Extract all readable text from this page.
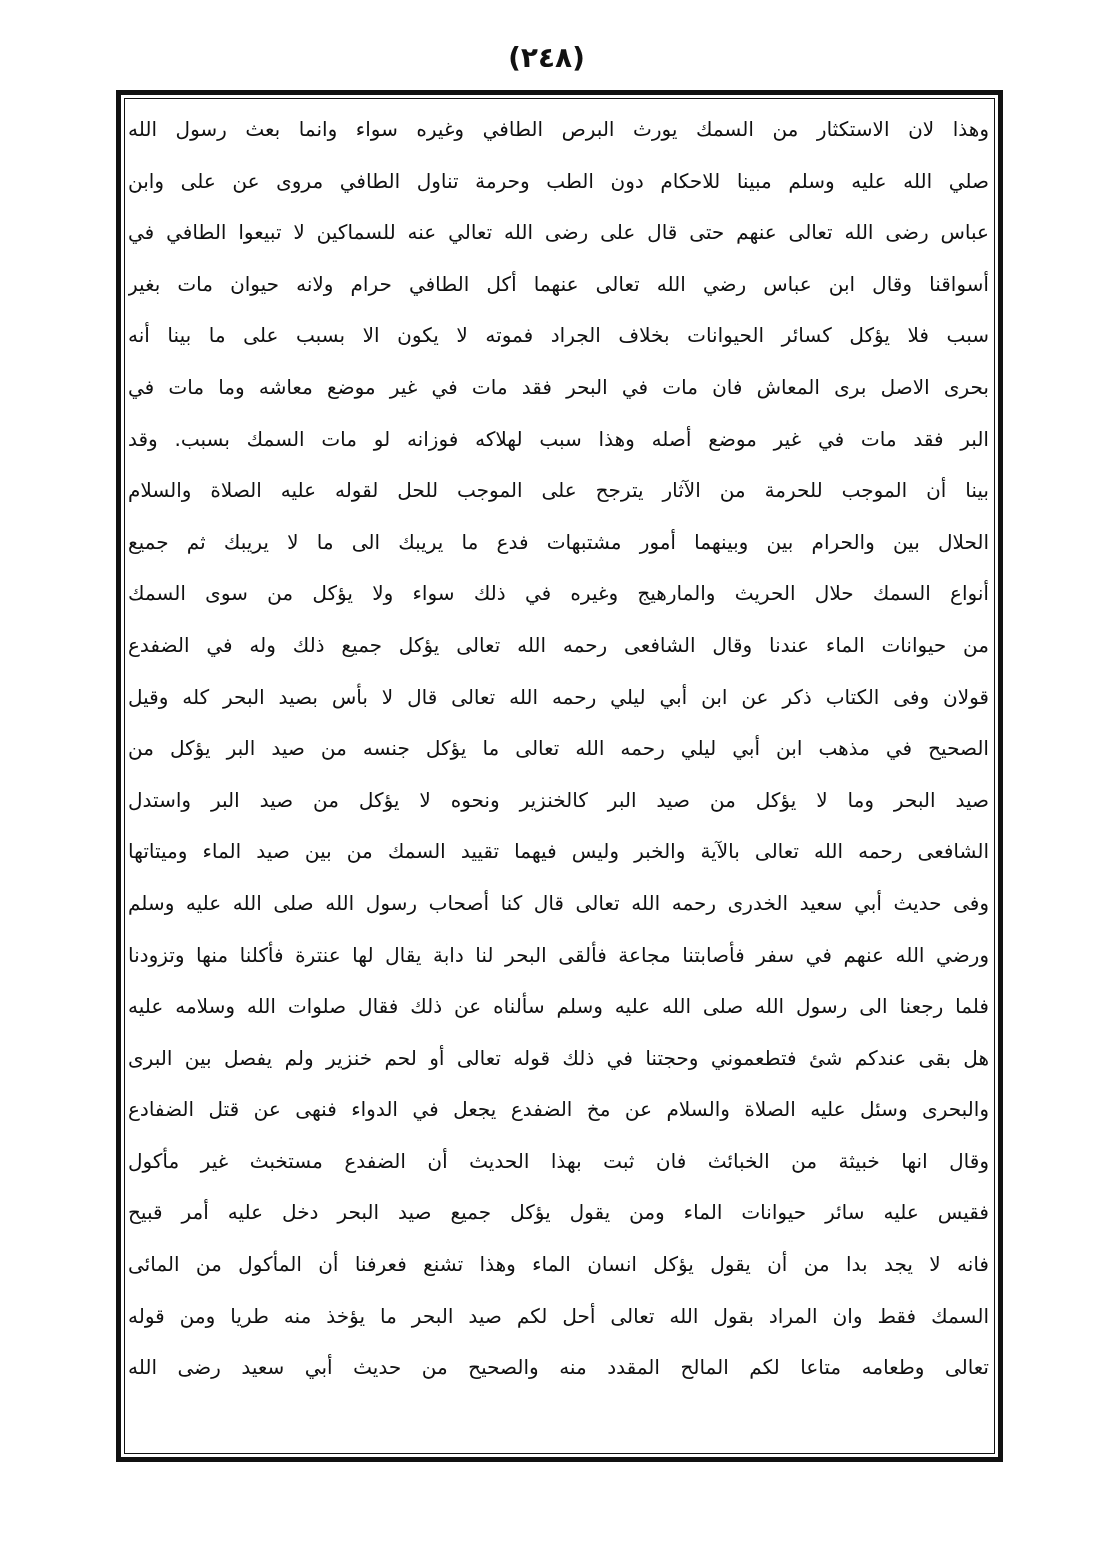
(٢٤٨)
وهذا لان الاستكثار من السمك يورث البرص الطافي وغيره سواء وانما بعث رسول الله
صلي الله عليه وسلم مبينا للاحكام دون الطب وحرمة تناول الطافي مروى عن على وابن
عباس رضى الله تعالى عنهم حتى قال على رضى الله تعالي عنه للسماكين لا تبيعوا الطافي في
أسواقنا وقال ابن عباس رضي الله تعالى عنهما أكل الطافي حرام ولانه حيوان مات بغير
سبب فلا يؤكل كسائر الحيوانات بخلاف الجراد فموته لا يكون الا بسبب على ما بينا أنه
بحرى الاصل برى المعاش فان مات في البحر فقد مات في غير موضع معاشه وما مات في
البر فقد مات في غير موضع أصله وهذا سبب لهلاكه فوزانه لو مات السمك بسبب. وقد
بينا أن الموجب للحرمة من الآثار يترجح على الموجب للحل لقوله عليه الصلاة والسلام
الحلال بين والحرام بين وبينهما أمور مشتبهات فدع ما يريبك الى ما لا يريبك ثم جميع
أنواع السمك حلال الحريث والمارهيج وغيره في ذلك سواء ولا يؤكل من سوى السمك
من حيوانات الماء عندنا وقال الشافعى رحمه الله تعالى يؤكل جميع ذلك وله في الضفدع
قولان وفى الكتاب ذكر عن ابن أبي ليلي رحمه الله تعالى قال لا بأس بصيد البحر كله وقيل
الصحيح في مذهب ابن أبي ليلي رحمه الله تعالى ما يؤكل جنسه من صيد البر يؤكل من
صيد البحر وما لا يؤكل من صيد البر كالخنزير ونحوه لا يؤكل من صيد البر واستدل
الشافعى رحمه الله تعالى بالآية والخبر وليس فيهما تقييد السمك من بين صيد الماء وميتاتها
وفى حديث أبي سعيد الخدرى رحمه الله تعالى قال كنا أصحاب رسول الله صلى الله عليه وسلم
ورضي الله عنهم في سفر فأصابتنا مجاعة فألقى البحر لنا دابة يقال لها عنترة فأكلنا منها وتزودنا
فلما رجعنا الى رسول الله صلى الله عليه وسلم سألناه عن ذلك فقال صلوات الله وسلامه عليه
هل بقى عندكم شئ فتطعموني وحجتنا في ذلك قوله تعالى أو لحم خنزير ولم يفصل بين البرى
والبحرى وسئل عليه الصلاة والسلام عن مخ الضفدع يجعل في الدواء فنهى عن قتل الضفادع
وقال انها خبيثة من الخبائث فان ثبت بهذا الحديث أن الضفدع مستخبث غير مأكول
فقيس عليه سائر حيوانات الماء ومن يقول يؤكل جميع صيد البحر دخل عليه أمر قبيح
فانه لا يجد بدا من أن يقول يؤكل انسان الماء وهذا تشنع فعرفنا أن المأكول من المائى
السمك فقط وان المراد بقول الله تعالى أحل لكم صيد البحر ما يؤخذ منه طريا ومن قوله
تعالى وطعامه متاعا لكم المالح المقدد منه والصحيح من حديث أبي سعيد رضى الله
